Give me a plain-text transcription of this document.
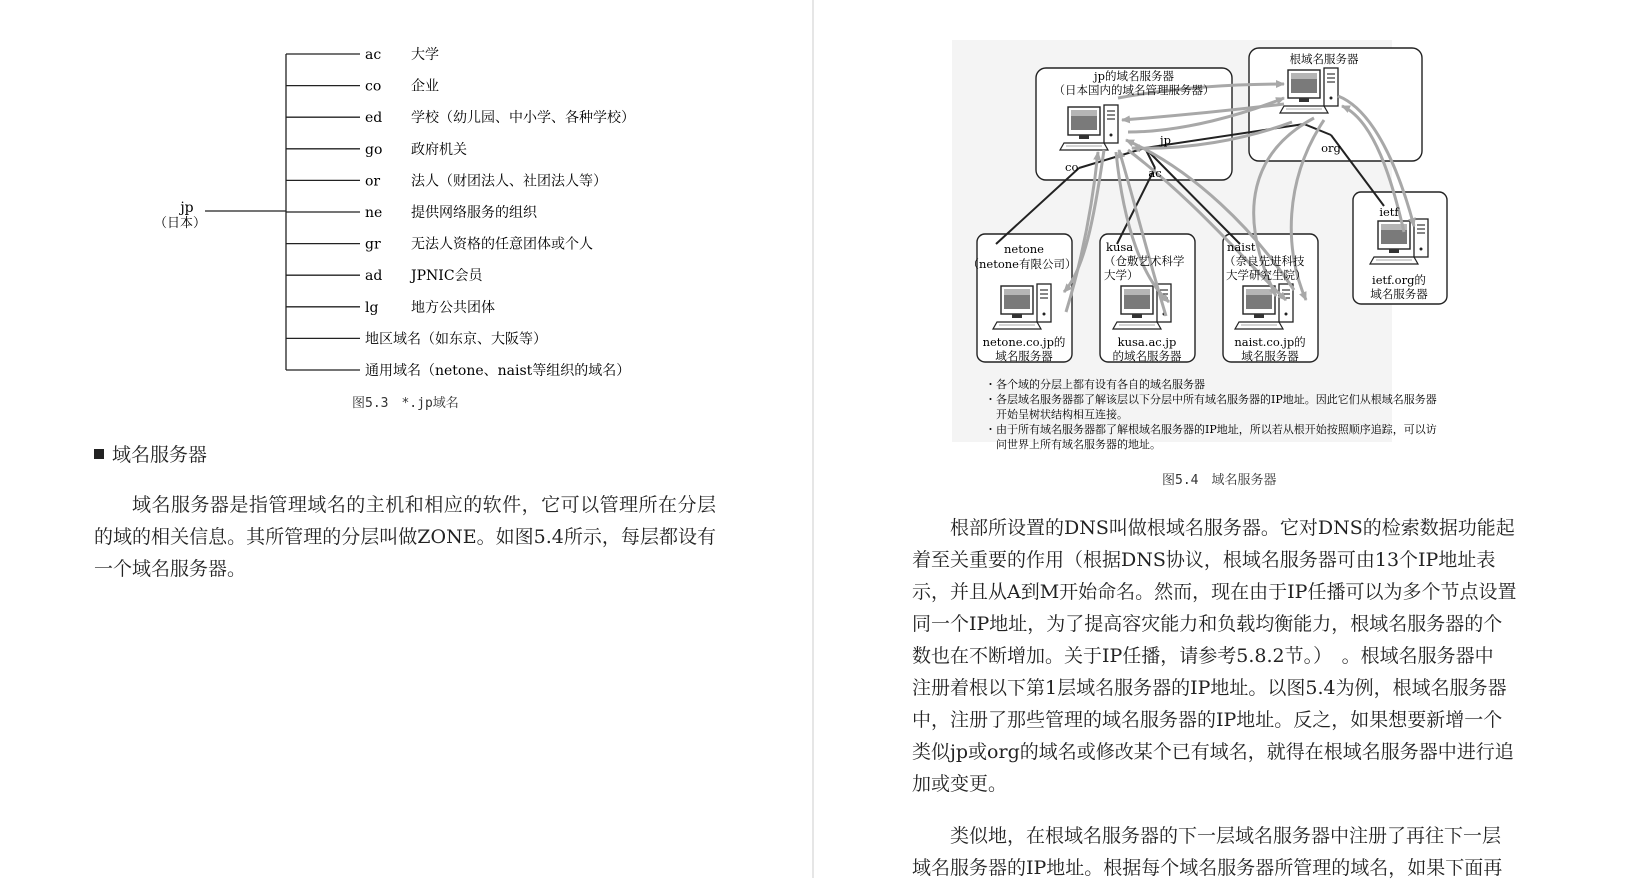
jp
（日本）
ac 大学
co 企业
ed 学校（幼儿园、中小学、各种学校）
go 政府机关
or 法人（财团法人、社团法人等）
ne 提供网络服务的组织
gr 无法人资格的任意团体或个人
ad JPNIC会员
lg 地方公共团体
地区域名（如东京、大阪等）
通用域名（netone、naist等组织的域名）
图5.3　*.jp域名
域名服务器
域名服务器是指管理域名的主机和相应的软件，它可以管理所在分层的域的相关信息。其所管理的分层叫做ZONE。如图5.4所示，每层都设有一个域名服务器。
jp的域名服务器
（日本国内的域名管理服务器）
根域名服务器
jp
co	ac
org
ietf
ietf.org的
域名服务器
netone
（netone有限公司）
netone.co.jp的
域名服务器
kusa
（仓敷艺术科学
大学）
kusa.ac.jp
的域名服务器
naist
（奈良先进科技
大学研究生院）
naist.co.jp的
域名服务器
・各个域的分层上都有设有各自的域名服务器
・各层域名服务器都了解该层以下分层中所有域名服务器的IP地址。因此它们从根域名服务器
　开始呈树状结构相互连接。
・由于所有域名服务器都了解根域名服务器的IP地址，所以若从根开始按照顺序追踪，可以访
　问世界上所有域名服务器的地址。
图5.4　域名服务器

根部所设置的DNS叫做根域名服务器。它对DNS的检索数据功能起

着至关重要的作用（根据DNS协议，根域名服务器可由13个IP地址表

示，并且从A到M开始命名。然而，现在由于IP任播可以为多个节点设置

同一个IP地址，为了提高容灾能力和负载均衡能力，根域名服务器的个

数也在不断增加。关于IP任播，请参考5.8.2节。）　。根域名服务器中

注册着根以下第1层域名服务器的IP地址。以图5.4为例，根域名服务器

中，注册了那些管理的域名服务器的IP地址。反之，如果想要新增一个

类似jp或org的域名或修改某个已有域名，就得在根域名服务器中进行追

加或变更。

类似地，在根域名服务器的下一层域名服务器中注册了再往下一层

域名服务器的IP地址。根据每个域名服务器所管理的域名，如果下面再
